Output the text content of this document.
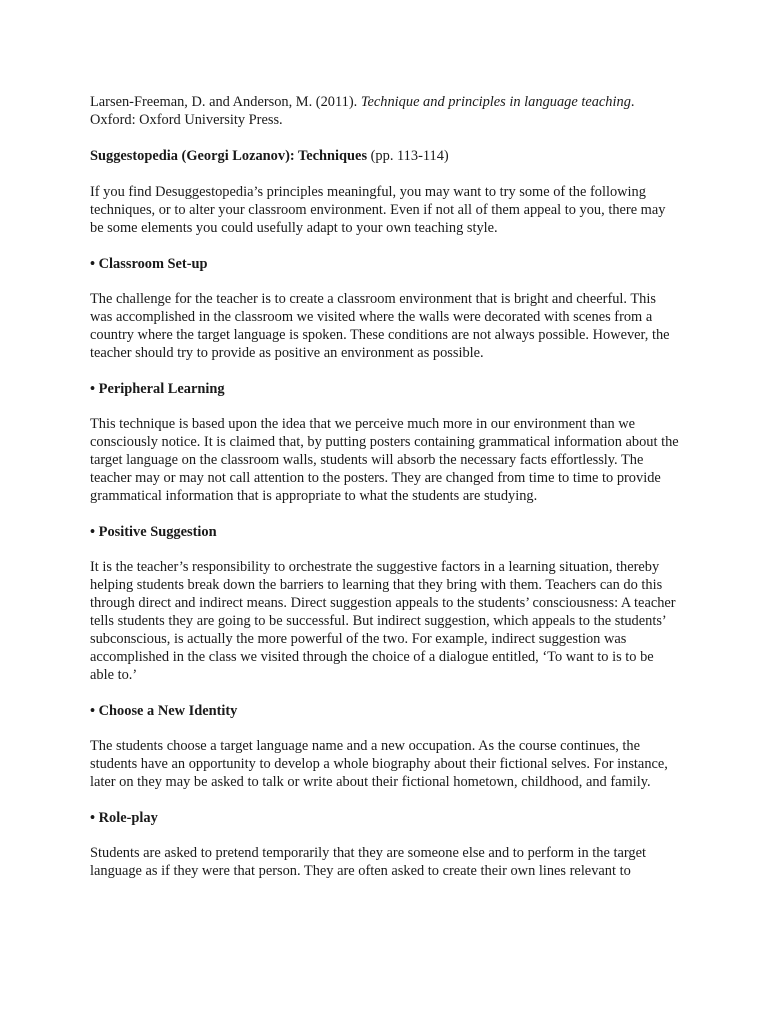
Larsen-Freeman, D. and Anderson, M. (2011). Technique and principles in language teaching. Oxford: Oxford University Press.

Suggestopedia (Georgi Lozanov): Techniques (pp. 113-114)

If you find Desuggestopedia’s principles meaningful, you may want to try some of the following techniques, or to alter your classroom environment. Even if not all of them appeal to you, there may be some elements you could usefully adapt to your own teaching style.

• Classroom Set-up

The challenge for the teacher is to create a classroom environment that is bright and cheerful. This was accomplished in the classroom we visited where the walls were decorated with scenes from a country where the target language is spoken. These conditions are not always possible. However, the teacher should try to provide as positive an environment as possible.

• Peripheral Learning

This technique is based upon the idea that we perceive much more in our environment than we consciously notice. It is claimed that, by putting posters containing grammatical information about the target language on the classroom walls, students will absorb the necessary facts effortlessly. The teacher may or may not call attention to the posters. They are changed from time to time to provide grammatical information that is appropriate to what the students are studying.

• Positive Suggestion

It is the teacher’s responsibility to orchestrate the suggestive factors in a learning situation, thereby helping students break down the barriers to learning that they bring with them. Teachers can do this through direct and indirect means. Direct suggestion appeals to the students’ consciousness: A teacher tells students they are going to be successful. But indirect suggestion, which appeals to the students’ subconscious, is actually the more powerful of the two. For example, indirect suggestion was accomplished in the class we visited through the choice of a dialogue entitled, ‘To want to is to be able to.’

• Choose a New Identity

The students choose a target language name and a new occupation. As the course continues, the students have an opportunity to develop a whole biography about their fictional selves. For instance, later on they may be asked to talk or write about their fictional hometown, childhood, and family.

• Role-play

Students are asked to pretend temporarily that they are someone else and to perform in the target language as if they were that person. They are often asked to create their own lines relevant to
